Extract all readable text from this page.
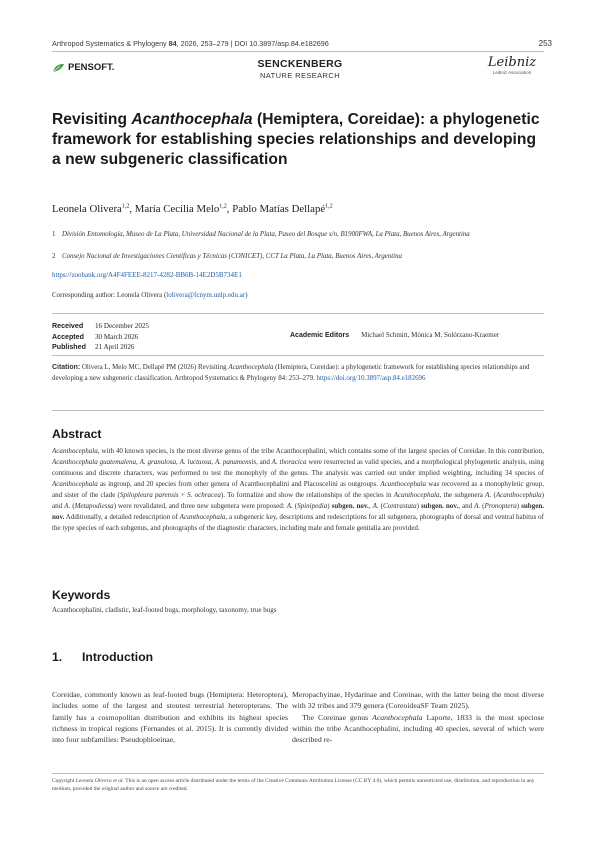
Arthropod Systematics & Phylogeny 84, 2026, 253–279 | DOI 10.3897/asp.84.e182696	253
PENSOFT.	SENCKENBERG
NATURE RESEARCH
Leibniz
Leibniz Association
Revisiting Acanthocephala (Hemiptera, Coreidae): a phylogenetic framework for establishing species relationships and developing a new subgeneric classification
Leonela Olivera$^{1,2}$, María Cecilia Melo$^{1,2}$, Pablo Matías Dellapé$^{1,2}$
1 División Entomología, Museo de La Plata, Universidad Nacional de la Plata, Paseo del Bosque s/n, B1900FWA, La Plata, Buenos Aires, Argentina
2 Consejo Nacional de Investigaciones Científicas y Técnicas (CONICET), CCT La Plata, La Plata, Buenos Aires, Argentina
https://zoobank.org/A4F4FEEE-8217-4282-BB6B-14E2D5B734E1
Corresponding author: Leonela Olivera (lolivera@fcnym.unlp.edu.ar)
Received 16 December 2025
Accepted 30 March 2026
Published 21 April 2026
Academic Editors Michael Schmitt, Mónica M. Solórzano-Kraemer
Citation: Olivera L, Melo MC, Dellapé PM (2026) Revisiting Acanthocephala (Hemiptera, Coreidae): a phylogenetic framework for establishing species relationships and developing a new subgeneric classification. Arthropod Systematics & Phylogeny 84: 253–279. https://doi.org/10.3897/asp.84.e182696
Abstract
Acanthocephala, with 40 known species, is the most diverse genus of the tribe Acanthocephalini, which contains some of the largest species of Coreidae. In this contribution, Acanthocephala guatemalena, A. granulosa, A. luctuosa, A. panamensis, and A. thoracica were resurrected as valid species, and a morphological phylogenetic analysis, using continuous and discrete characters, was performed to test the monophyly of the genus. The analysis was carried out under implied weighting, including 34 species of Acanthocephala as ingroup, and 20 species from other genera of Acanthocephalini and Placoscelini as outgroups. Acanthocephala was recovered as a monophyletic group, and sister of the clade (Spilopleura parensis + S. ochracea). To formalize and show the relationships of the species in Acanthocephala, the subgenera A. (Acanthocephala) and A. (Metapodiessa) were revalidated, and three new subgenera were proposed: A. (Spinipedia) subgen. nov., A. (Contrastata) subgen. nov., and A. (Pronoptera) subgen. nov. Additionally, a detailed redescription of Acanthocephala, a subgeneric key, descriptions and redescriptions for all subgenera, photographs of dorsal and ventral habitus of the type species of each subgenus, and photographs of the diagnostic characters, including male and female genitalia are provided.
Keywords
Acanthocephalini, cladistic, leaf-footed bugs, morphology, taxonomy, true bugs
1. Introduction
Coreidae, commonly known as leaf-footed bugs (Hemiptera: Heteroptera), includes some of the largest and stoutest terrestrial heteropterans. The family has a cosmopolitan distribution and exhibits its highest species richness in tropical regions (Fernandes et al. 2015). It is currently divided into four subfamilies: Pseudophloeinae,
Meropachyinae, Hydarinae and Coreinae, with the latter being the most diverse with 32 tribes and 379 genera (CoreoideaSF Team 2025).
The Coreinae genus Acanthocephala Laporte, 1833 is the most speciose within the tribe Acanthocephalini, including 40 species, several of which were described re-
Copyright Leonela Olivera et al. This is an open access article distributed under the terms of the Creative Commons Attribution License (CC BY 4.0), which permits unrestricted use, distribution, and reproduction in any medium, provided the original author and source are credited.
